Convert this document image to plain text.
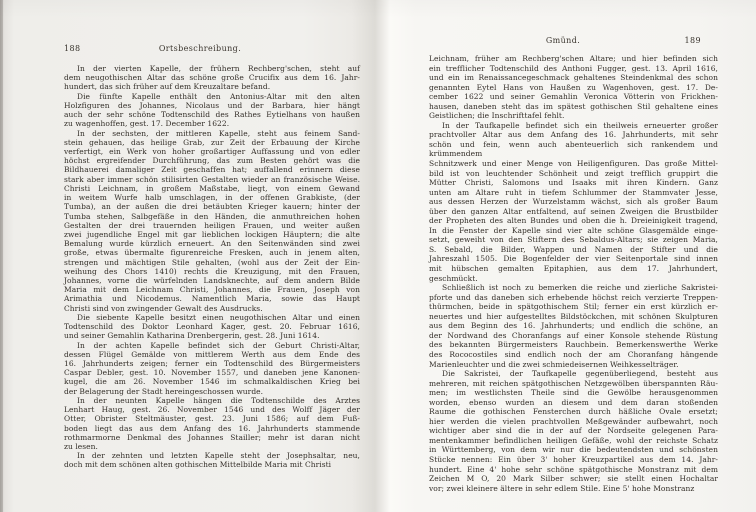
188	Ortsbeschreibung.
In der vierten Kapelle, der frühern Rechberg'schen, steht auf
dem neugothischen Altar das schöne große Crucifix aus dem 16. Jahr-
hundert, das sich früher auf dem Kreuzaltare befand.
Die fünfte Kapelle enthält den Antonius-Altar mit den alten
Holzfiguren des Johannes, Nicolaus und der Barbara, hier hängt
auch der sehr schöne Todtenschild des Rathes Eytielhans von haußen
zu wagenhoffen, gest. 17. December 1622.
In der sechsten, der mittleren Kapelle, steht aus feinem Sand-
stein gehauen, das heilige Grab, zur Zeit der Erbauung der Kirche
verfertigt, ein Werk von hoher großartiger Auffassung und von edler
höchst ergreifender Durchführung, das zum Besten gehört was die
Bildhauerei damaliger Zeit geschaffen hat; auffallend erinnern diese
stark aber immer schön stilisirten Gestalten wieder an französische Weise.
Christi Leichnam, in großem Maßstabe, liegt, von einem Gewand
in weitem Wurfe halb umschlagen, in der offenen Grabkiste, (der
Tumba), an der außen die drei betäubten Krieger kauern; hinter der
Tumba stehen, Salbgefäße in den Händen, die anmuthreichen hohen
Gestalten der drei trauernden heiligen Frauen, und weiter außen
zwei jugendliche Engel mit gar lieblichen lockigen Häuptern; die alte
Bemalung wurde kürzlich erneuert. An den Seitenwänden sind zwei
große, etwas übermalte figurenreiche Fresken, auch in jenem alten,
strengen und mächtigen Stile gehalten, (wohl aus der Zeit der Ein-
weihung des Chors 1410) rechts die Kreuzigung, mit den Frauen,
Johannes, vorne die würfelnden Landsknechte, auf dem andern Bilde
Maria mit dem Leichnam Christi, Johannes, die Frauen, Joseph von
Arimathia und Nicodemus. Namentlich Maria, sowie das Haupt
Christi sind von zwingender Gewalt des Ausdrucks.
Die siebente Kapelle besitzt einen neugothischen Altar und einen
Todtenschild des Doktor Leonhard Kager, gest. 20. Februar 1616,
und seiner Gemahlin Katharina Drenbergerin, gest. 28. Juni 1614.
In der achten Kapelle befindet sich der Geburt Christi-Altar,
dessen Flügel Gemälde von mittlerem Werth aus dem Ende des
16. Jahrhunderts zeigen; ferner ein Todtenschild des Bürgermeisters
Caspar Debler, gest. 10. November 1557, und daneben jene Kanonen-
kugel, die am 26. November 1546 im schmalkaldischen Krieg bei
der Belagerung der Stadt hereingeschossen wurde.
In der neunten Kapelle hängen die Todtenschilde des Arztes
Lenhart Haug, gest. 26. November 1546 und des Wolff Jäger der
Otter, Obrister Steltmäuster, gest. 23. Juni 1586; auf dem Fuß-
boden liegt das aus dem Anfang des 16. Jahrhunderts stammende
rothmarmorne Denkmal des Johannes Stailler; mehr ist daran nicht
zu lesen.
In der zehnten und letzten Kapelle steht der Josephsaltar, neu,
doch mit dem schönen alten gothischen Mittelbilde Maria mit Christi
Gmünd.	189
Leichnam, früher am Rechberg'schen Altare; und hier befinden sich
ein trefflicher Todtenschild des Anthoni Fugger, gest. 13. April 1616,
und ein im Renaissancegeschmack gehaltenes Steindenkmal des schon
genannten Eytel Hans von Haußen zu Wagenhoven, gest. 17. De-
cember 1622 und seiner Gemahlin Veronica Vötterin von Frickhen-
hausen, daneben steht das im spätest gothischen Stil gehaltene eines
Geistlichen; die Inschrifttafel fehlt.
In der Taufkapelle befindet sich ein theilweis erneuerter großer
prachtvoller Altar aus dem Anfang des 16. Jahrhunderts, mit sehr
schön und fein, wenn auch abenteuerlich sich rankendem und krümmendem
Schnitzwerk und einer Menge von Heiligenfiguren. Das große Mittel-
bild ist von leuchtender Schönheit und zeigt trefflich gruppirt die
Mütter Christi, Salomons und Isaaks mit ihren Kindern. Ganz
unten am Altare ruht in tiefem Schlummer der Stammvater Jesse,
aus dessen Herzen der Wurzelstamm wächst, sich als großer Baum
über den ganzen Altar entfaltend, auf seinen Zweigen die Brustbilder
der Propheten des alten Bundes und oben die h. Dreieinigkeit tragend,
In die Fenster der Kapelle sind vier alte schöne Glasgemälde einge-
setzt, geweiht von den Stiftern des Sebaldus-Altars; sie zeigen Maria,
S. Sebald, die Bilder, Wappen und Namen der Stifter und die
Jahreszahl 1505. Die Bogenfelder der vier Seitenportale sind innen
mit hübschen gemalten Epitaphien, aus dem 17. Jahrhundert, geschmückt.
Schließlich ist noch zu bemerken die reiche und zierliche Sakristei-
pforte und das daneben sich erhebende höchst reich verzierte Treppen-
thürmchen, beide in spätgothischem Stil; ferner ein erst kürzlich er-
neuertes und hier aufgestelltes Bildstöckchen, mit schönen Skulpturen
aus dem Beginn des 16. Jahrhunderts; und endlich die schöne, an
der Nordwand des Choranfangs auf einer Konsole stehende Rüstung
des bekannten Bürgermeisters Rauchbein. Bemerkenswerthe Werke
des Rococostiles sind endlich noch der am Choranfang hängende
Marienleuchter und die zwei schmiedeisernen Weihkesselträger.
Die Sakristei, der Taufkapelle gegenüberliegend, besteht aus
mehreren, mit reichen spätgothischen Netzgewölben überspannten Räu-
men; im westlichsten Theile sind die Gewölbe herausgenommen
worden, ebenso wurden an diesem und dem daran stoßenden
Raume die gothischen Fensterchen durch häßliche Ovale ersetzt;
hier werden die vielen prachtvollen Meßgewänder aufbewahrt, noch
wichtiger aber sind die in der auf der Nordseite gelegenen Para-
mentenkammer befindlichen heiligen Gefäße, wohl der reichste Schatz
in Württemberg, von dem wir nur die bedeutendsten und schönsten
Stücke nennen: Ein über 3' hoher Kreuzpartikel aus dem 14. Jahr-
hundert. Eine 4' hohe sehr schöne spätgothische Monstranz mit dem
Zeichen M O, 20 Mark Silber schwer; sie stellt einen Hochaltar
vor; zwei kleinere ältere in sehr edlem Stile. Eine 5' hohe Monstranz
